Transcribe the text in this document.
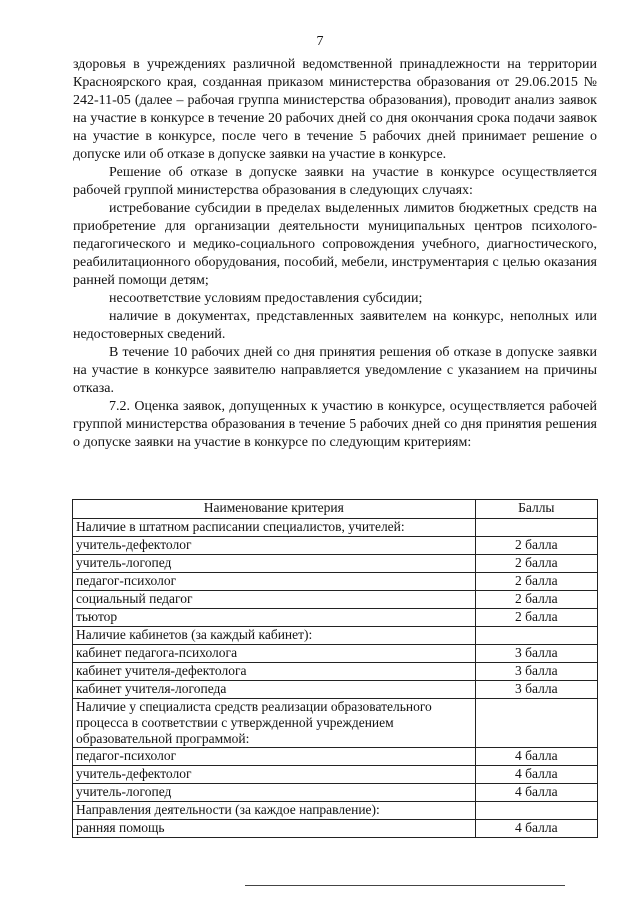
7

здоровья в учреждениях различной ведомственной принадлежности на территории Красноярского края, созданная приказом министерства образования от 29.06.2015 № 242-11-05 (далее – рабочая группа министерства образования), проводит анализ заявок на участие в конкурсе в течение 20 рабочих дней со дня окончания срока подачи заявок на участие в конкурсе, после чего в течение 5 рабочих дней принимает решение о допуске или об отказе в допуске заявки на участие в конкурсе.

Решение об отказе в допуске заявки на участие в конкурсе осуществляется рабочей группой министерства образования в следующих случаях:

истребование субсидии в пределах выделенных лимитов бюджетных средств на приобретение для организации деятельности муниципальных центров психолого-педагогического и медико-социального сопровождения учебного, диагностического, реабилитационного оборудования, пособий, мебели, инструментария с целью оказания ранней помощи детям;

несоответствие условиям предоставления субсидии;

наличие в документах, представленных заявителем на конкурс, неполных или недостоверных сведений.

В течение 10 рабочих дней со дня принятия решения об отказе в допуске заявки на участие в конкурсе заявителю направляется уведомление с указанием на причины отказа.

7.2. Оценка заявок, допущенных к участию в конкурсе, осуществляется рабочей группой министерства образования в течение 5 рабочих дней со дня принятия решения о допуске заявки на участие в конкурсе по следующим критериям:

Наименование критерия	Баллы
Наличие в штатном расписании специалистов, учителей:	
учитель-дефектолог	2 балла
учитель-логопед	2 балла
педагог-психолог	2 балла
социальный педагог	2 балла
тьютор	2 балла
Наличие кабинетов (за каждый кабинет):	
кабинет педагога-психолога	3 балла
кабинет учителя-дефектолога	3 балла
кабинет учителя-логопеда	3 балла
Наличие у специалиста средств реализации образовательного процесса в соответствии с утвержденной учреждением образовательной программой:	
педагог-психолог	4 балла
учитель-дефектолог	4 балла
учитель-логопед	4 балла
Направления деятельности (за каждое направление):	
ранняя помощь	4 балла
